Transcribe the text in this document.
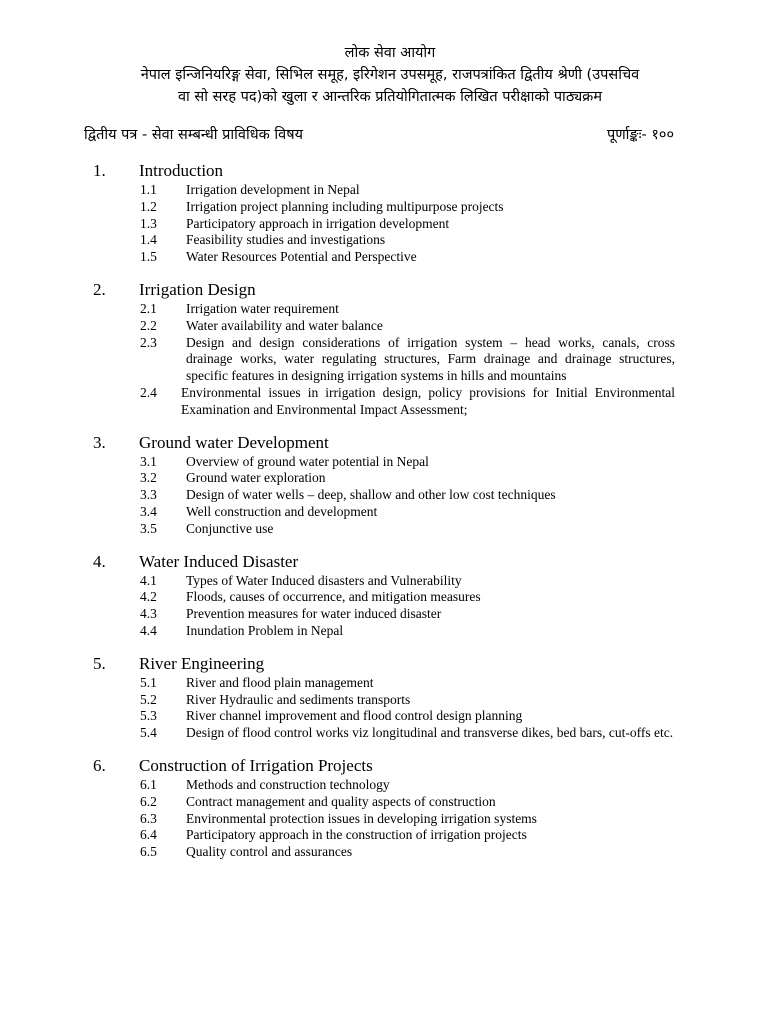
लोक सेवा आयोग
नेपाल इन्जिनियरिङ्ग सेवा, सिभिल समूह, इरिगेशन उपसमूह, राजपत्रांकित द्वितीय श्रेणी (उपसचिव
वा सो सरह पद)को खुला र आन्तरिक प्रतियोगितात्मक लिखित परीक्षाको पाठ्यक्रम
द्वितीय पत्र - सेवा सम्बन्धी प्राविधिक विषय	पूर्णाङ्कः- १००
1. Introduction
1.1 Irrigation development in Nepal
1.2 Irrigation project planning including multipurpose projects
1.3 Participatory approach in irrigation development
1.4 Feasibility studies and investigations
1.5 Water Resources Potential and Perspective
2. Irrigation Design
2.1 Irrigation water requirement
2.2 Water availability and water balance
2.3 Design and design considerations of irrigation system – head works, canals, cross drainage works, water regulating structures, Farm drainage and drainage structures, specific features in designing irrigation systems in hills and mountains
2.4 Environmental issues in irrigation design, policy provisions for Initial Environmental Examination and Environmental Impact Assessment;
3. Ground water Development
3.1 Overview of ground water potential in Nepal
3.2 Ground water exploration
3.3 Design of water wells – deep, shallow and other low cost techniques
3.4 Well construction and development
3.5 Conjunctive use
4. Water Induced Disaster
4.1 Types of Water Induced disasters and Vulnerability
4.2 Floods, causes of occurrence, and mitigation measures
4.3 Prevention measures for water induced disaster
4.4 Inundation Problem in Nepal
5. River Engineering
5.1 River and flood plain management
5.2 River Hydraulic and sediments transports
5.3 River channel improvement and flood control design planning
5.4 Design of flood control works viz longitudinal and transverse dikes, bed bars, cut-offs etc.
6. Construction of Irrigation Projects
6.1 Methods and construction technology
6.2 Contract management and quality aspects of construction
6.3 Environmental protection issues in developing irrigation systems
6.4 Participatory approach in the construction of irrigation projects
6.5 Quality control and assurances
